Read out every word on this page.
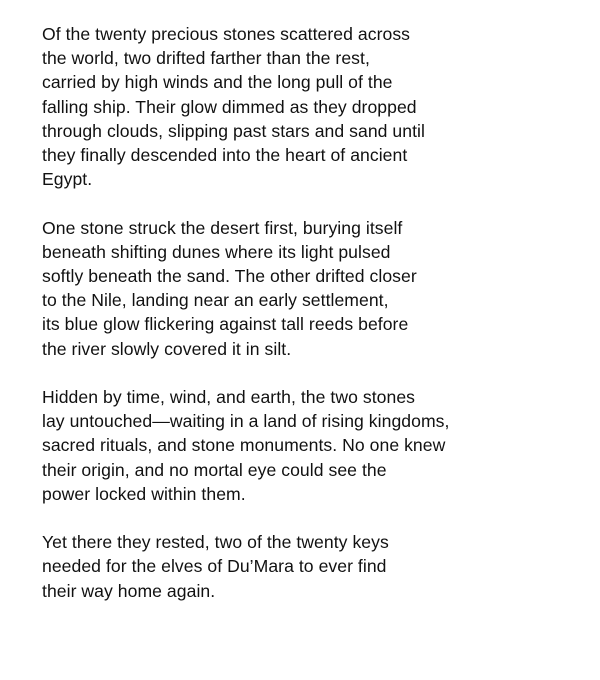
Of the twenty precious stones scattered across
the world, two drifted farther than the rest,
carried by high winds and the long pull of the
falling ship. Their glow dimmed as they dropped
through clouds, slipping past stars and sand until
they finally descended into the heart of ancient
Egypt.

One stone struck the desert first, burying itself
beneath shifting dunes where its light pulsed
softly beneath the sand. The other drifted closer
to the Nile, landing near an early settlement,
its blue glow flickering against tall reeds before
the river slowly covered it in silt.

Hidden by time, wind, and earth, the two stones
lay untouched—waiting in a land of rising kingdoms,
sacred rituals, and stone monuments. No one knew
their origin, and no mortal eye could see the
power locked within them.

Yet there they rested, two of the twenty keys
needed for the elves of Du’Mara to ever find
their way home again.
